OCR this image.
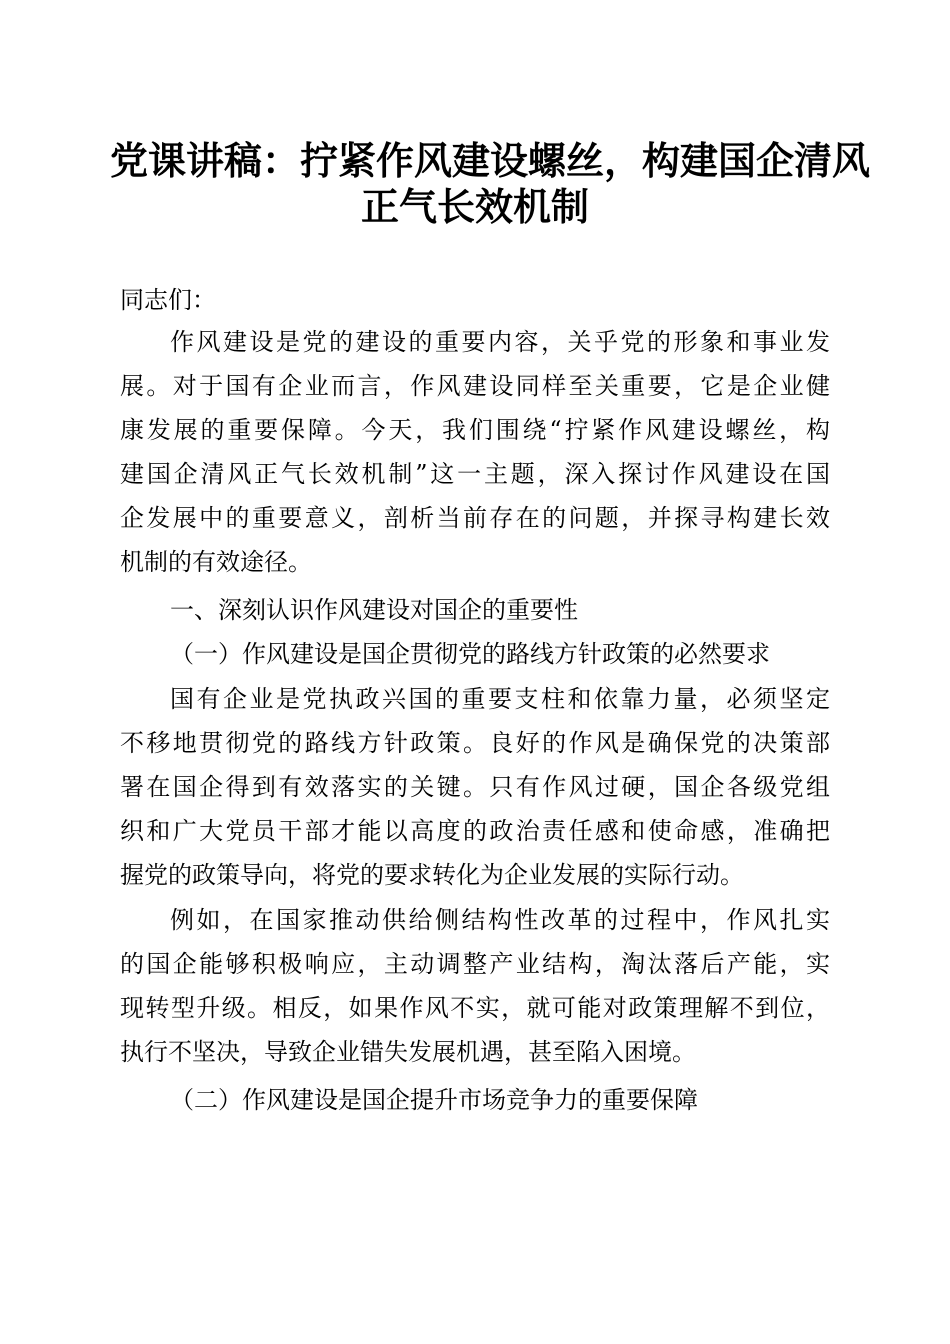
党课讲稿：拧紧作风建设螺丝，构建国企清风
正气长效机制
同志们：
作风建设是党的建设的重要内容，关乎党的形象和事业发
展。对于国有企业而言，作风建设同样至关重要，它是企业健
康发展的重要保障。今天，我们围绕“拧紧作风建设螺丝，构
建国企清风正气长效机制”这一主题，深入探讨作风建设在国
企发展中的重要意义，剖析当前存在的问题，并探寻构建长效
机制的有效途径。
一、深刻认识作风建设对国企的重要性
（一）作风建设是国企贯彻党的路线方针政策的必然要求
国有企业是党执政兴国的重要支柱和依靠力量，必须坚定
不移地贯彻党的路线方针政策。良好的作风是确保党的决策部
署在国企得到有效落实的关键。只有作风过硬，国企各级党组
织和广大党员干部才能以高度的政治责任感和使命感，准确把
握党的政策导向，将党的要求转化为企业发展的实际行动。
例如，在国家推动供给侧结构性改革的过程中，作风扎实
的国企能够积极响应，主动调整产业结构，淘汰落后产能，实
现转型升级。相反，如果作风不实，就可能对政策理解不到位，
执行不坚决，导致企业错失发展机遇，甚至陷入困境。
（二）作风建设是国企提升市场竞争力的重要保障
